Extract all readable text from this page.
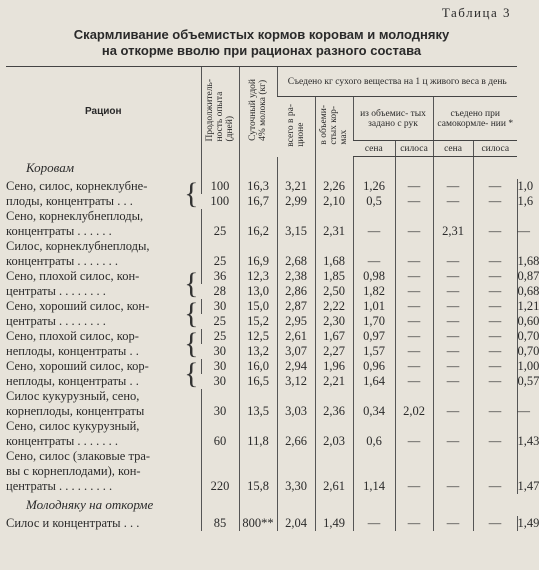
Таблица 3
Скармливание объемистых кормов коровам и молодняку
на откорме вволю при рационах разного состава
Рацион	Продолжитель-
ность опыта
(дней)	Суточный удой
4% молока (кг)	Съедено кг сухого вещества на 1 ц живого веса в день						
			всего в ра-
ционе	в объеми-
стых кор-
мах	из объемис- тых задано с рук		съедено при самокормле- нии *		
					сена	силоса	сена	силоса	
Коровам									

Сено, силос, корнеклубне-
плоды, концентраты . . . {	100	16,3	3,21	2,26	1,26	—	—	—	1,0
	100	16,7	2,99	2,10	0,5	—	—	—	1,6

Сено, корнеклубнеплоды,
концентраты . . . . . .	25	16,2	3,15	2,31	—	—	2,31	—	—

Силос, корнеклубнеплоды,
концентраты . . . . . . .	25	16,9	2,68	1,68	—	—	—	—	1,68

Сено, плохой силос, кон-
центраты . . . . . . . . {	36	12,3	2,38	1,85	0,98	—	—	—	0,87
	28	13,0	2,86	2,50	1,82	—	—	—	0,68

Сено, хороший силос, кон-
центраты . . . . . . . . {	30	15,0	2,87	2,22	1,01	—	—	—	1,21
	25	15,2	2,95	2,30	1,70	—	—	—	0,60

Сено, плохой силос, кор-
неплоды, концентраты . . {	25	12,5	2,61	1,67	0,97	—	—	—	0,70
	30	13,2	3,07	2,27	1,57	—	—	—	0,70

Сено, хороший силос, кор-
неплоды, концентраты . . {	30	16,0	2,94	1,96	0,96	—	—	—	1,00
	30	16,5	3,12	2,21	1,64	—	—	—	0,57

Силос кукурузный, сено,
корнеплоды, концентраты	30	13,5	3,03	2,36	0,34	2,02	—	—	—

Сено, силос кукурузный,
концентраты . . . . . . .	60	11,8	2,66	2,03	0,6	—	—	—	1,43

Сено, силос (злаковые тра-
вы с корнеплодами), кон-
центраты . . . . . . . . .	220	15,8	3,30	2,61	1,14	—	—	—	1,47
Молодняку на откорме									

Силос и концентраты . . .	85	800**	2,04	1,49	—	—	—	—	1,49
